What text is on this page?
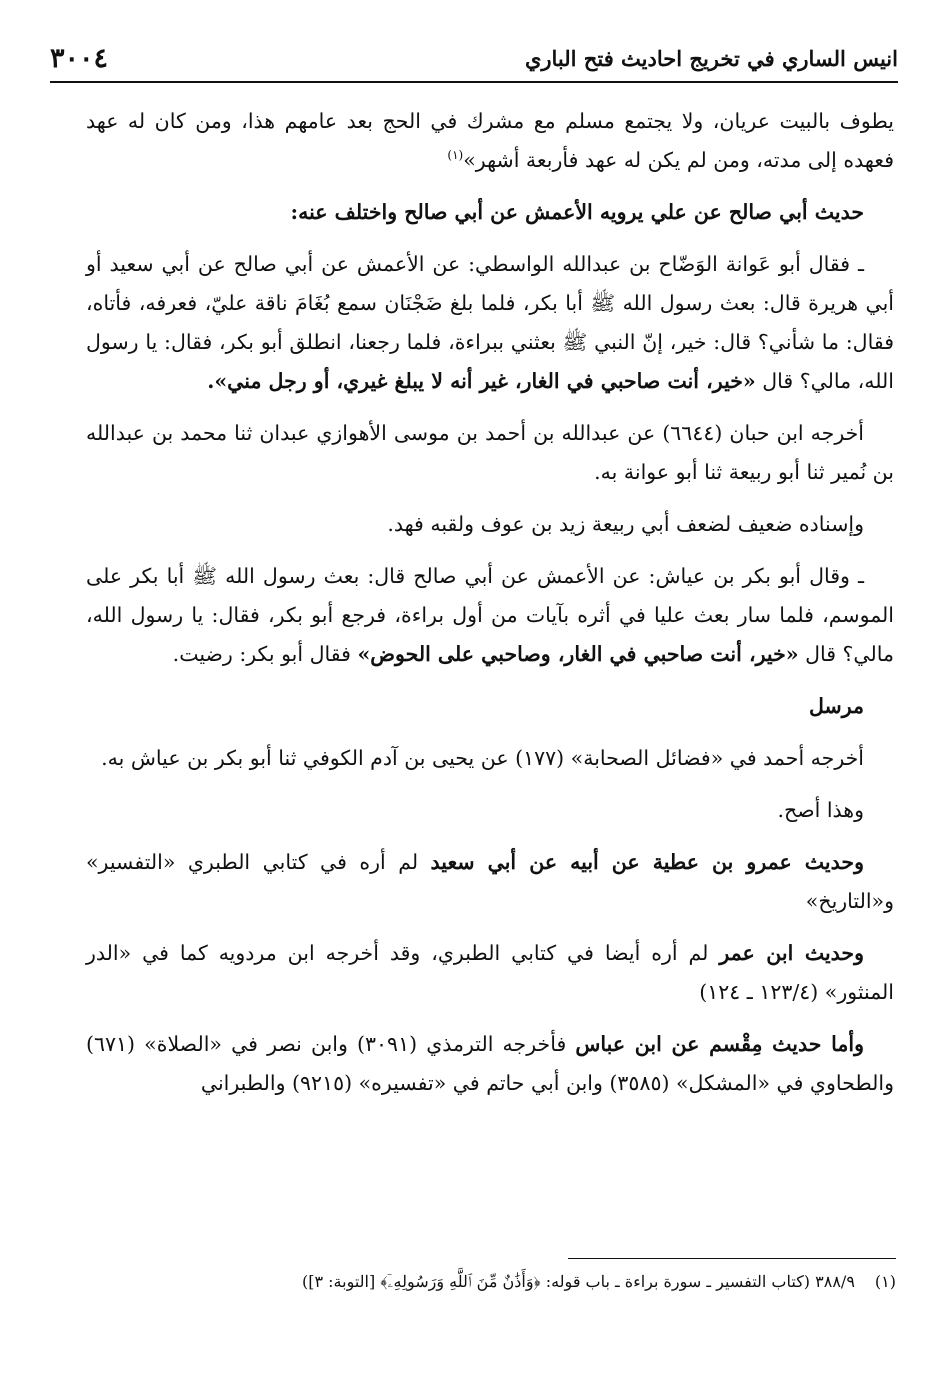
انيس الساري في تخريج احاديث فتح الباري
٣٠٠٤

يطوف بالبيت عريان، ولا يجتمع مسلم مع مشرك في الحج بعد عامهم هذا، ومن كان له عهد فعهده إلى مدته، ومن لم يكن له عهد فأربعة أشهر»$^{(١)}$

حديث أبي صالح عن علي يرويه الأعمش عن أبي صالح واختلف عنه:

ـ فقال أبو عَوانة الوَضّاح بن عبدالله الواسطي: عن الأعمش عن أبي صالح عن أبي سعيد أو أبي هريرة قال: بعث رسول الله ﷺ أبا بكر، فلما بلغ ضَجْنَان سمع بُغَامَ ناقة عليّ، فعرفه، فأتاه، فقال: ما شأني؟ قال: خير، إنّ النبي ﷺ بعثني ببراءة، فلما رجعنا، انطلق أبو بكر، فقال: يا رسول الله، مالي؟ قال «خير، أنت صاحبي في الغار، غير أنه لا يبلغ غيري، أو رجل مني».

أخرجه ابن حبان (٦٦٤٤) عن عبدالله بن أحمد بن موسى الأهوازي عبدان ثنا محمد بن عبدالله بن نُمير ثنا أبو ربيعة ثنا أبو عوانة به.

وإسناده ضعيف لضعف أبي ربيعة زيد بن عوف ولقبه فهد.

ـ وقال أبو بكر بن عياش: عن الأعمش عن أبي صالح قال: بعث رسول الله ﷺ أبا بكر على الموسم، فلما سار بعث عليا في أثره بآيات من أول براءة، فرجع أبو بكر، فقال: يا رسول الله، مالي؟ قال «خير، أنت صاحبي في الغار، وصاحبي على الحوض» فقال أبو بكر: رضيت.

مرسل

أخرجه أحمد في «فضائل الصحابة» (١٧٧) عن يحيى بن آدم الكوفي ثنا أبو بكر بن عياش به.

وهذا أصح.

وحديث عمرو بن عطية عن أبيه عن أبي سعيد لم أره في كتابي الطبري «التفسير» و«التاريخ»

وحديث ابن عمر لم أره أيضا في كتابي الطبري، وقد أخرجه ابن مردويه كما في «الدر المنثور» (١٢٣/٤ ـ ١٢٤)

وأما حديث مِقْسم عن ابن عباس فأخرجه الترمذي (٣٠٩١) وابن نصر في «الصلاة» (٦٧١) والطحاوي في «المشكل» (٣٥٨٥) وابن أبي حاتم في «تفسيره» (٩٢١٥) والطبراني

(١)
٣٨٨/٩ (كتاب التفسير ـ سورة براءة ـ باب قوله: ﴿وَأَذَٰنٌ مِّنَ ٱللَّهِ وَرَسُولِهِۦٓ﴾ [التوبة: ٣])
